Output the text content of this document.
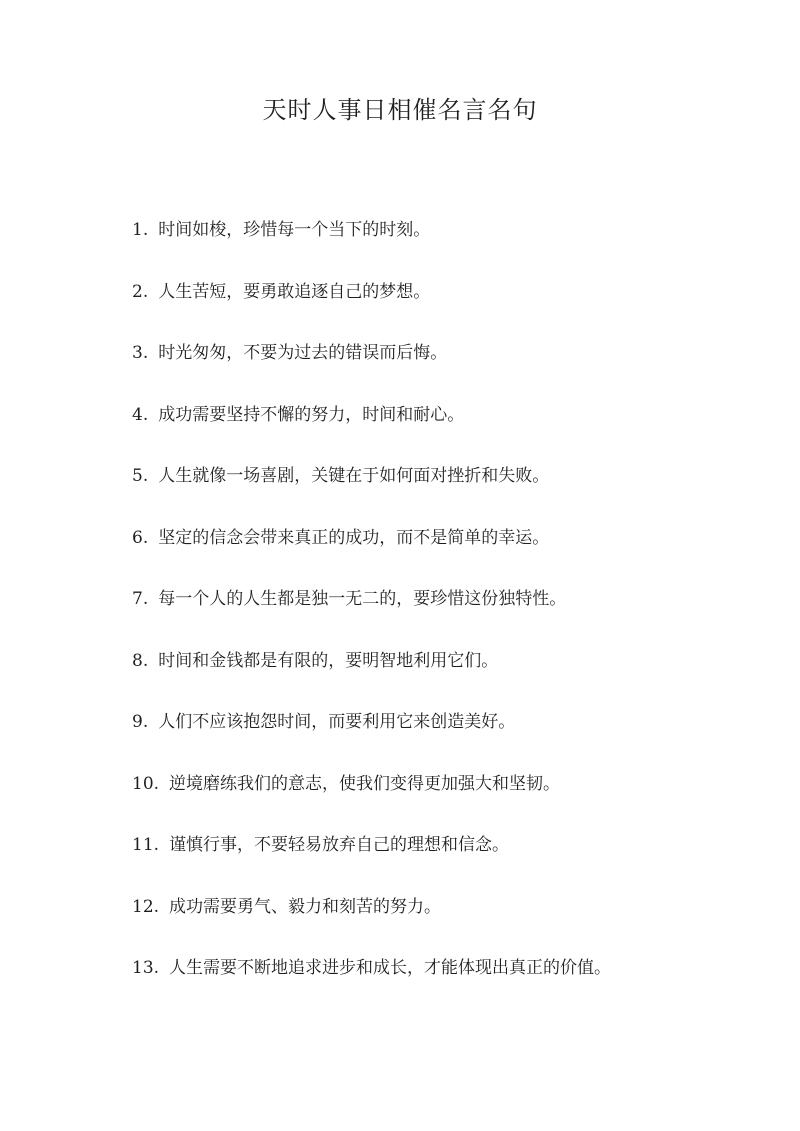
天时人事日相催名言名句
1. 时间如梭，珍惜每一个当下的时刻。
2. 人生苦短，要勇敢追逐自己的梦想。
3. 时光匆匆，不要为过去的错误而后悔。
4. 成功需要坚持不懈的努力，时间和耐心。
5. 人生就像一场喜剧，关键在于如何面对挫折和失败。
6. 坚定的信念会带来真正的成功，而不是简单的幸运。
7. 每一个人的人生都是独一无二的，要珍惜这份独特性。
8. 时间和金钱都是有限的，要明智地利用它们。
9. 人们不应该抱怨时间，而要利用它来创造美好。
10. 逆境磨练我们的意志，使我们变得更加强大和坚韧。
11. 谨慎行事，不要轻易放弃自己的理想和信念。
12. 成功需要勇气、毅力和刻苦的努力。
13. 人生需要不断地追求进步和成长，才能体现出真正的价值。
